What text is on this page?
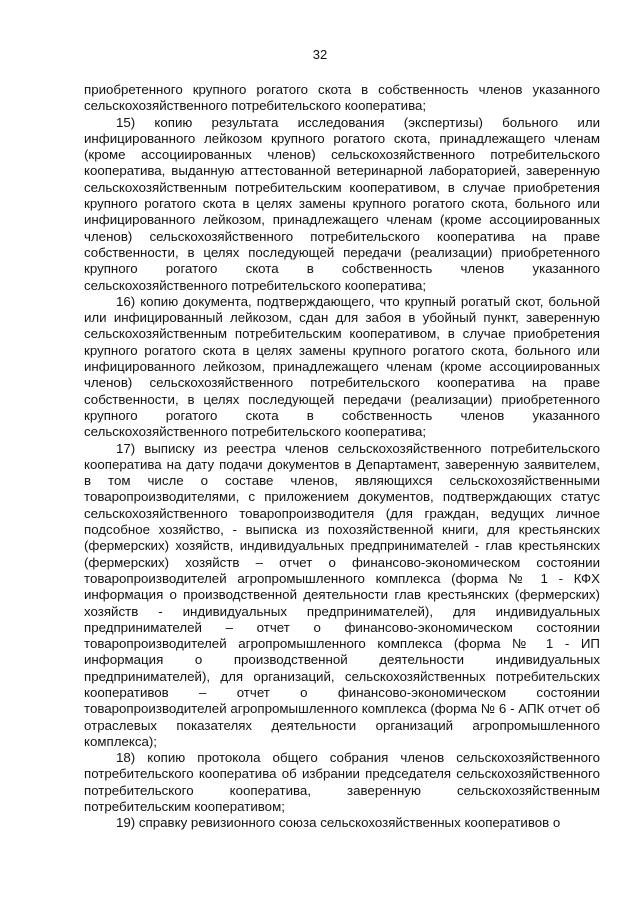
32

приобретенного крупного рогатого скота в собственность членов указанного сельскохозяйственного потребительского кооператива;

15) копию результата исследования (экспертизы) больного или инфицированного лейкозом крупного рогатого скота, принадлежащего членам (кроме ассоциированных членов) сельскохозяйственного потребительского кооператива, выданную аттестованной ветеринарной лабораторией, заверенную сельскохозяйственным потребительским кооперативом, в случае приобретения крупного рогатого скота в целях замены крупного рогатого скота, больного или инфицированного лейкозом, принадлежащего членам (кроме ассоциированных членов) сельскохозяйственного потребительского кооператива на праве собственности, в целях последующей передачи (реализации) приобретенного крупного рогатого скота в собственность членов указанного сельскохозяйственного потребительского кооператива;

16) копию документа, подтверждающего, что крупный рогатый скот, больной или инфицированный лейкозом, сдан для забоя в убойный пункт, заверенную сельскохозяйственным потребительским кооперативом, в случае приобретения крупного рогатого скота в целях замены крупного рогатого скота, больного или инфицированного лейкозом, принадлежащего членам (кроме ассоциированных членов) сельскохозяйственного потребительского кооператива на праве собственности, в целях последующей передачи (реализации) приобретенного крупного рогатого скота в собственность членов указанного сельскохозяйственного потребительского кооператива;

17) выписку из реестра членов сельскохозяйственного потребительского кооператива на дату подачи документов в Департамент, заверенную заявителем, в том числе о составе членов, являющихся сельскохозяйственными товаропроизводителями, с приложением документов, подтверждающих статус сельскохозяйственного товаропроизводителя (для граждан, ведущих личное подсобное хозяйство, - выписка из похозяйственной книги, для крестьянских (фермерских) хозяйств, индивидуальных предпринимателей - глав крестьянских (фермерских) хозяйств – отчет о финансово-экономическом состоянии товаропроизводителей агропромышленного комплекса (форма № 1 - КФХ информация о производственной деятельности глав крестьянских (фермерских) хозяйств - индивидуальных предпринимателей), для индивидуальных предпринимателей – отчет о финансово-экономическом состоянии товаропроизводителей агропромышленного комплекса (форма № 1 - ИП информация о производственной деятельности индивидуальных предпринимателей), для организаций, сельскохозяйственных потребительских кооперативов – отчет о финансово-экономическом состоянии товаропроизводителей агропромышленного комплекса (форма № 6 - АПК отчет об отраслевых показателях деятельности организаций агропромышленного комплекса);

18) копию протокола общего собрания членов сельскохозяйственного потребительского кооператива об избрании председателя сельскохозяйственного потребительского кооператива, заверенную сельскохозяйственным потребительским кооперативом;

19) справку ревизионного союза сельскохозяйственных кооперативов о
